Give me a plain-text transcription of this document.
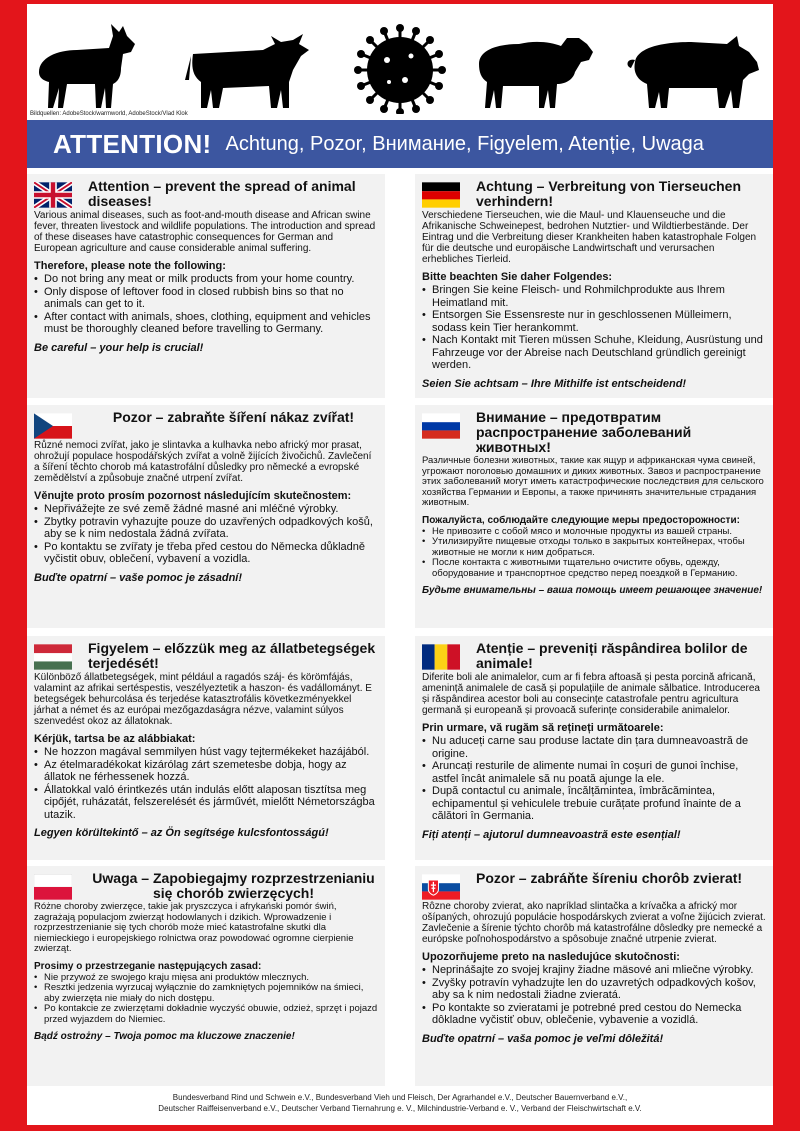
Bildquellen: AdobeStock/warmworld, AdobeStock/Vlad Klok
ATTENTION! Achtung, Pozor, Внимание, Figyelem, Atenție, Uwaga
Attention – prevent the spread of animal diseases!
Various animal diseases, such as foot-and-mouth disease and African swine fever, threaten livestock and wildlife populations. The introduction and spread of these diseases have catastrophic consequences for German and European agriculture and cause considerable animal suffering.
Therefore, please note the following:
• Do not bring any meat or milk products from your home country.
• Only dispose of leftover food in closed rubbish bins so that no animals can get to it.
• After contact with animals, shoes, clothing, equipment and vehicles must be thoroughly cleaned before travelling to Germany.
Be careful – your help is crucial!
Achtung – Verbreitung von Tierseuchen verhindern!
Verschiedene Tierseuchen, wie die Maul- und Klauenseuche und die Afrikanische Schweinepest, bedrohen Nutztier- und Wildtierbestände. Der Eintrag und die Verbreitung dieser Krankheiten haben katastrophale Folgen für die deutsche und europäische Landwirtschaft und verursachen erhebliches Tierleid.
Bitte beachten Sie daher Folgendes:
• Bringen Sie keine Fleisch- und Rohmilchprodukte aus Ihrem Heimatland mit.
• Entsorgen Sie Essensreste nur in geschlossenen Mülleimern, sodass kein Tier herankommt.
• Nach Kontakt mit Tieren müssen Schuhe, Kleidung, Ausrüstung und Fahrzeuge vor der Abreise nach Deutschland gründlich gereinigt werden.
Seien Sie achtsam – Ihre Mithilfe ist entscheidend!
Pozor – zabraňte šíření nákaz zvířat!
Různé nemoci zvířat, jako je slintavka a kulhavka nebo africký mor prasat, ohrožují populace hospodářských zvířat a volně žijících živočichů. Zavlečení a šíření těchto chorob má katastrofální důsledky pro německé a evropské zemědělství a způsobuje značné utrpení zvířat.
Věnujte proto prosím pozornost následujícím skutečnostem:
• Nepřivážejte ze své země žádné masné ani mléčné výrobky.
• Zbytky potravin vyhazujte pouze do uzavřených odpadkových košů, aby se k nim nedostala žádná zvířata.
• Po kontaktu se zvířaty je třeba před cestou do Německa důkladně vyčistit obuv, oblečení, vybavení a vozidla.
Buďte opatrní – vaše pomoc je zásadní!
Внимание – предотвратим распространение заболеваний животных!
Различные болезни животных, такие как ящур и африканская чума свиней, угрожают поголовью домашних и диких животных. Завоз и распространение этих заболеваний могут иметь катастрофические последствия для сельского хозяйства Германии и Европы, а также причинять значительные страдания животным.
Пожалуйста, соблюдайте следующие меры предосторожности:
• Не привозите с собой мясо и молочные продукты из вашей страны.
• Утилизируйте пищевые отходы только в закрытых контейнерах, чтобы животные не могли к ним добраться.
• После контакта с животными тщательно очистите обувь, одежду, оборудование и транспортное средство перед поездкой в Германию.
Будьте внимательны – ваша помощь имеет решающее значение!
Figyelem – előzzük meg az állatbetegségek terjedését!
Különböző állatbetegségek, mint például a ragadós száj- és körömfájás, valamint az afrikai sertéspestis, veszélyeztetik a haszon- és vadállományt. E betegségek behurcolása és terjedése katasztrofális következményekkel járhat a német és az európai mezőgazdaságra nézve, valamint súlyos szenvedést okoz az állatoknak.
Kérjük, tartsa be az alábbiakat:
• Ne hozzon magával semmilyen húst vagy tejtermékeket hazájából.
• Az ételmaradékokat kizárólag zárt szemetesbe dobja, hogy az állatok ne férhessenek hozzá.
• Állatokkal való érintkezés után indulás előtt alaposan tisztítsa meg cipőjét, ruházatát, felszerelését és járművét, mielőtt Németországba utazik.
Legyen körültekintő – az Ön segítsége kulcsfontosságú!
Atenție – preveniți răspândirea bolilor de animale!
Diferite boli ale animalelor, cum ar fi febra aftoasă și pesta porcină africană, amenință animalele de casă și populațiile de animale sălbatice. Introducerea și răspândirea acestor boli au consecințe catastrofale pentru agricultura germană și europeană și provoacă suferințe considerabile animalelor.
Prin urmare, vă rugăm să rețineți următoarele:
• Nu aduceți carne sau produse lactate din țara dumneavoastră de origine.
• Aruncați resturile de alimente numai în coșuri de gunoi închise, astfel încât animalele să nu poată ajunge la ele.
• După contactul cu animale, încălțămintea, îmbrăcămintea, echipamentul și vehiculele trebuie curățate profund înainte de a călători în Germania.
Fiți atenți – ajutorul dumneavoastră este esențial!
Uwaga – Zapobiegajmy rozprzestrzenianiu się chorób zwierzęcych!
Różne choroby zwierzęce, takie jak pryszczyca i afrykański pomór świń, zagrażają populacjom zwierząt hodowlanych i dzikich. Wprowadzenie i rozprzestrzenianie się tych chorób może mieć katastrofalne skutki dla niemieckiego i europejskiego rolnictwa oraz powodować ogromne cierpienie zwierząt.
Prosimy o przestrzeganie następujących zasad:
• Nie przywoź ze swojego kraju mięsa ani produktów mlecznych.
• Resztki jedzenia wyrzucaj wyłącznie do zamkniętych pojemników na śmieci, aby zwierzęta nie miały do nich dostępu.
• Po kontakcie ze zwierzętami dokładnie wyczyść obuwie, odzież, sprzęt i pojazd przed wyjazdem do Niemiec.
Bądź ostrożny – Twoja pomoc ma kluczowe znaczenie!
Pozor – zabráňte šíreniu chorôb zvierat!
Rôzne choroby zvierat, ako napríklad slintačka a krívačka a africký mor ošípaných, ohrozujú populácie hospodárskych zvierat a voľne žijúcich zvierat. Zavlečenie a šírenie týchto chorôb má katastrofálne dôsledky pre nemecké a európske poľnohospodárstvo a spôsobuje značné utrpenie zvierat.
Upozorňujeme preto na nasledujúce skutočnosti:
• Neprinášajte zo svojej krajiny žiadne mäsové ani mliečne výrobky.
• Zvyšky potravín vyhadzujte len do uzavretých odpadkových košov, aby sa k nim nedostali žiadne zvieratá.
• Po kontakte so zvieratami je potrebné pred cestou do Nemecka dôkladne vyčistiť obuv, oblečenie, vybavenie a vozidlá.
Buďte opatrní – vaša pomoc je veľmi dôležitá!
Bundesverband Rind und Schwein e.V., Bundesverband Vieh und Fleisch, Der Agrarhandel e.V., Deutscher Bauernverband e.V.,
Deutscher Raiffeisenverband e.V., Deutscher Verband Tiernahrung e. V., Milchindustrie-Verband e. V., Verband der Fleischwirtschaft e.V.
